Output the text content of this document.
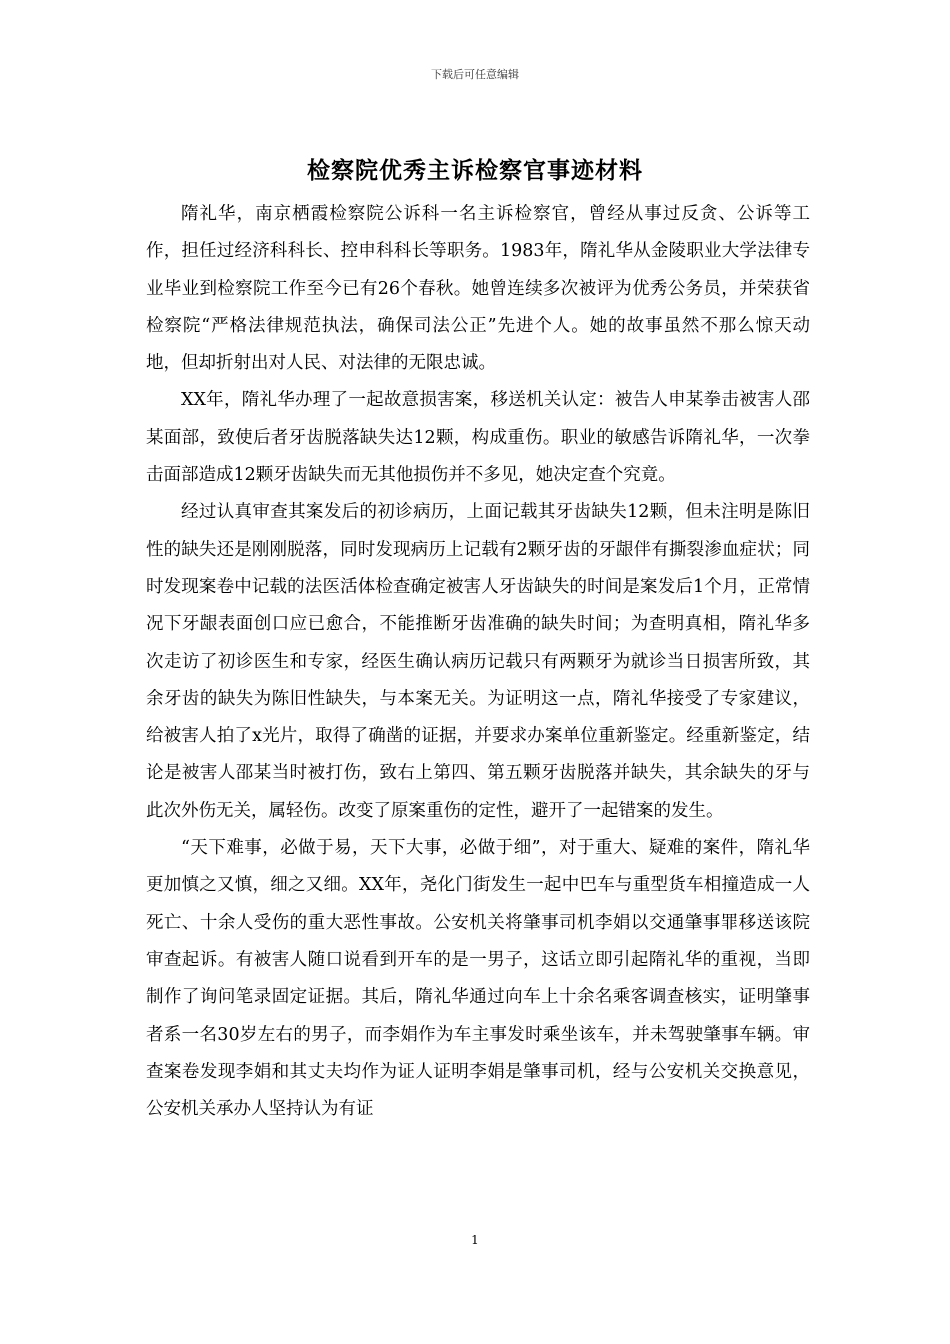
下载后可任意编辑
检察院优秀主诉检察官事迹材料

隋礼华，南京栖霞检察院公诉科一名主诉检察官，曾经从事过反贪、公诉等工作，担任过经济科科长、控申科科长等职务。1983年，隋礼华从金陵职业大学法律专业毕业到检察院工作至今已有26个春秋。她曾连续多次被评为优秀公务员，并荣获省检察院“严格法律规范执法，确保司法公正”先进个人。她的故事虽然不那么惊天动地，但却折射出对人民、对法律的无限忠诚。

XX年，隋礼华办理了一起故意损害案，移送机关认定：被告人申某拳击被害人邵某面部，致使后者牙齿脱落缺失达12颗，构成重伤。职业的敏感告诉隋礼华，一次拳击面部造成12颗牙齿缺失而无其他损伤并不多见，她决定查个究竟。

经过认真审查其案发后的初诊病历，上面记载其牙齿缺失12颗，但未注明是陈旧性的缺失还是刚刚脱落，同时发现病历上记载有2颗牙齿的牙龈伴有撕裂渗血症状；同时发现案卷中记载的法医活体检查确定被害人牙齿缺失的时间是案发后1个月，正常情况下牙龈表面创口应已愈合，不能推断牙齿准确的缺失时间；为查明真相，隋礼华多次走访了初诊医生和专家，经医生确认病历记载只有两颗牙为就诊当日损害所致，其余牙齿的缺失为陈旧性缺失，与本案无关。为证明这一点，隋礼华接受了专家建议，给被害人拍了x光片，取得了确凿的证据，并要求办案单位重新鉴定。经重新鉴定，结论是被害人邵某当时被打伤，致右上第四、第五颗牙齿脱落并缺失，其余缺失的牙与此次外伤无关，属轻伤。改变了原案重伤的定性，避开了一起错案的发生。

“天下难事，必做于易，天下大事，必做于细”，对于重大、疑难的案件，隋礼华更加慎之又慎，细之又细。XX年，尧化门街发生一起中巴车与重型货车相撞造成一人死亡、十余人受伤的重大恶性事故。公安机关将肇事司机李娟以交通肇事罪移送该院审查起诉。有被害人随口说看到开车的是一男子，这话立即引起隋礼华的重视，当即制作了询问笔录固定证据。其后，隋礼华通过向车上十余名乘客调查核实，证明肇事者系一名30岁左右的男子，而李娟作为车主事发时乘坐该车，并未驾驶肇事车辆。审查案卷发现李娟和其丈夫均作为证人证明李娟是肇事司机，经与公安机关交换意见，公安机关承办人坚持认为有证

1
